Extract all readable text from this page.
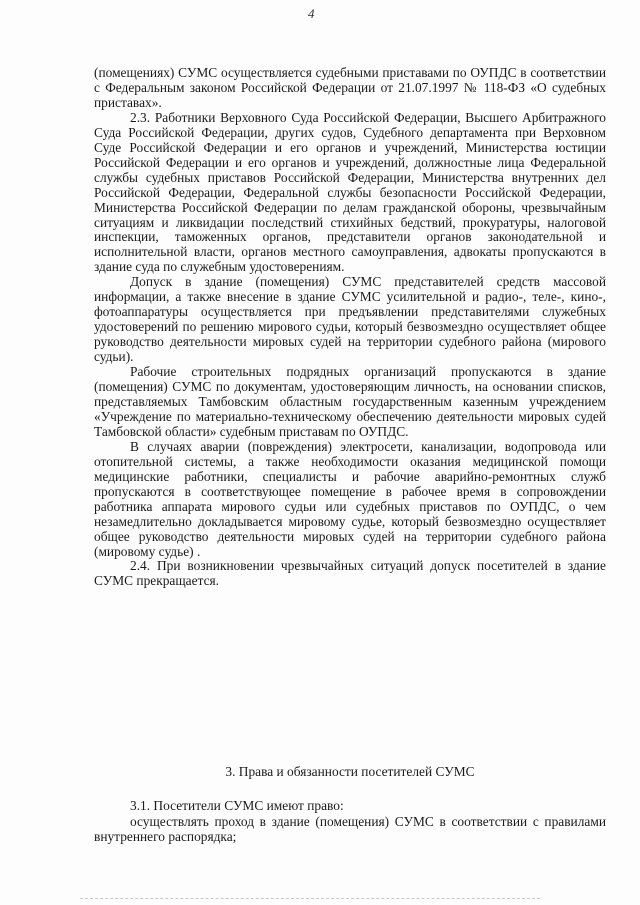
4

(помещениях) СУМС осуществляется судебными приставами по ОУПДС в соответствии с Федеральным законом Российской Федерации от 21.07.1997 № 118-ФЗ «О судебных приставах».

2.3. Работники Верховного Суда Российской Федерации, Высшего Арбитражного Суда Российской Федерации, других судов, Судебного департамента при Верховном Суде Российской Федерации и его органов и учреждений, Министерства юстиции Российской Федерации и его органов и учреждений, должностные лица Федеральной службы судебных приставов Российской Федерации, Министерства внутренних дел Российской Федерации, Федеральной службы безопасности Российской Федерации, Министерства Российской Федерации по делам гражданской обороны, чрезвычайным ситуациям и ликвидации последствий стихийных бедствий, прокуратуры, налоговой инспекции, таможенных органов, представители органов законодательной и исполнительной власти, органов местного самоуправления, адвокаты пропускаются в здание суда по служебным удостоверениям.

Допуск в здание (помещения) СУМС представителей средств массовой информации, а также внесение в здание СУМС усилительной и радио-, теле-, кино-, фотоаппаратуры осуществляется при предъявлении представителями служебных удостоверений по решению мирового судьи, который безвозмездно осуществляет общее руководство деятельности мировых судей на территории судебного района (мирового судьи).

Рабочие строительных подрядных организаций пропускаются в здание (помещения) СУМС по документам, удостоверяющим личность, на основании списков, представляемых Тамбовским областным государственным казенным учреждением «Учреждение по материально-техническому обеспечению деятельности мировых судей Тамбовской области» судебным приставам по ОУПДС.

В случаях аварии (повреждения) электросети, канализации, водопровода или отопительной системы, а также необходимости оказания медицинской помощи медицинские работники, специалисты и рабочие аварийно-ремонтных служб пропускаются в соответствующее помещение в рабочее время в сопровождении работника аппарата мирового судьи или судебных приставов по ОУПДС, о чем незамедлительно докладывается мировому судье, который безвозмездно осуществляет общее руководство деятельности мировых судей на территории судебного района (мировому судье) .

2.4. При возникновении чрезвычайных ситуаций допуск посетителей в здание СУМС прекращается.

3. Права и обязанности посетителей СУМС

3.1. Посетители СУМС имеют право:

осуществлять проход в здание (помещения) СУМС в соответствии с правилами внутреннего распорядка;
